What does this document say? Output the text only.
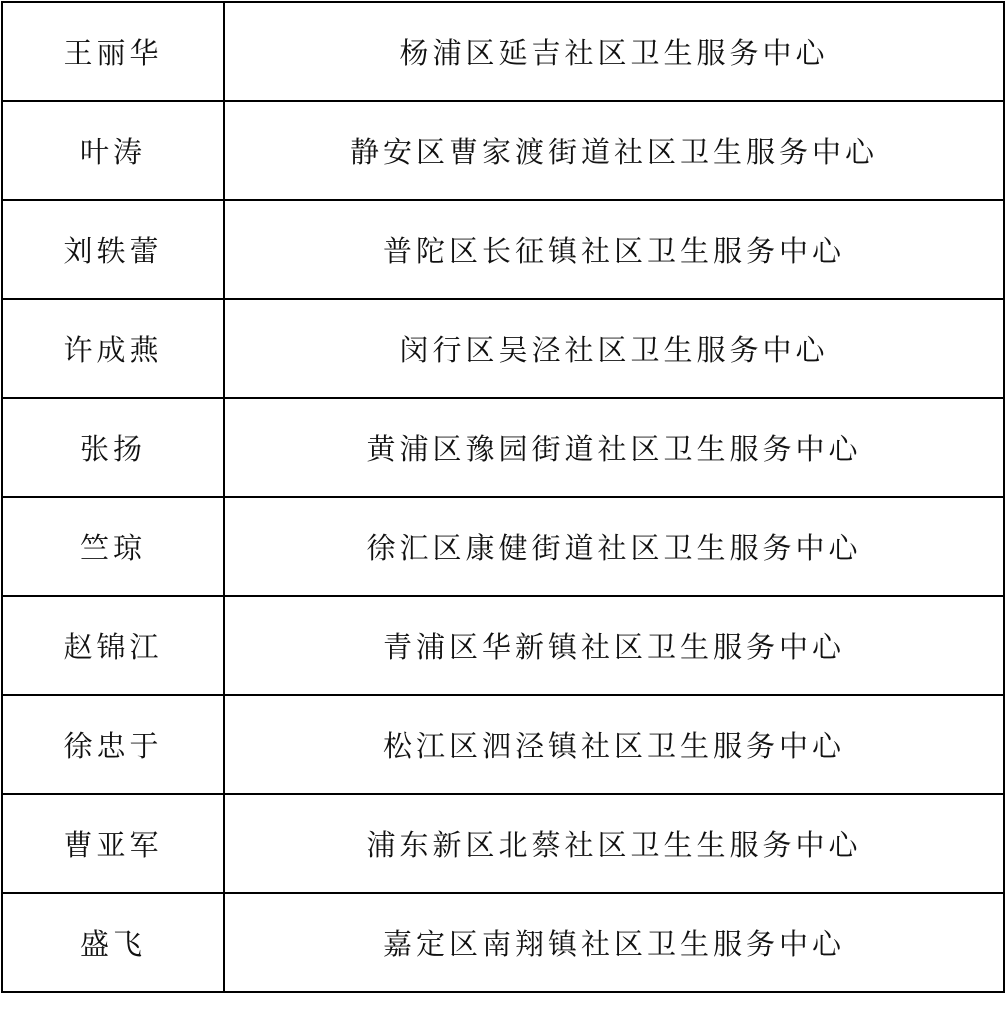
王丽华	杨浦区延吉社区卫生服务中心
叶涛	静安区曹家渡街道社区卫生服务中心
刘轶蕾	普陀区长征镇社区卫生服务中心
许成燕	闵行区吴泾社区卫生服务中心
张扬	黄浦区豫园街道社区卫生服务中心
竺琼	徐汇区康健街道社区卫生服务中心
赵锦江	青浦区华新镇社区卫生服务中心
徐忠于	松江区泗泾镇社区卫生服务中心
曹亚军	浦东新区北蔡社区卫生生服务中心
盛飞	嘉定区南翔镇社区卫生服务中心
